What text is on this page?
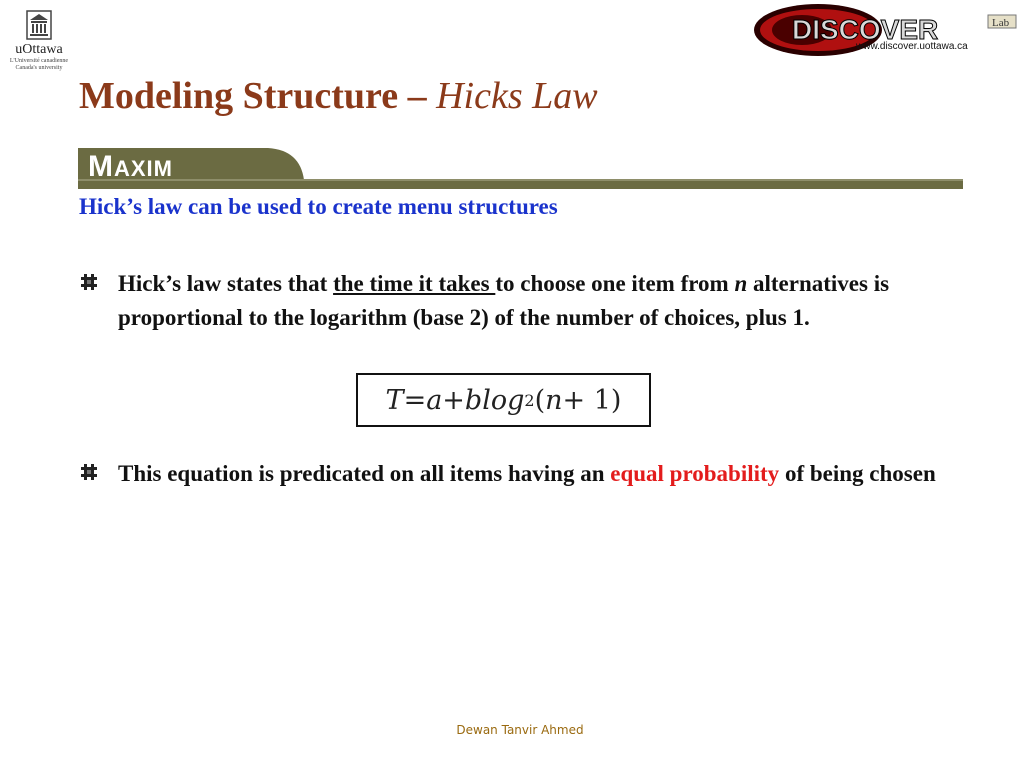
uOttawa
L'Université canadienne
Canada's university
DISCOVER	Lab
www.discover.uottawa.ca
Modeling Structure – Hicks Law
MAXIM
Hick’s law can be used to create menu structures
Hick’s law states that the time it takes to choose one item from n alternatives is proportional to the logarithm (base 2) of the number of choices, plus 1.
T = a + blog 2 ( n + 1)
This equation is predicated on all items having an equal probability of being chosen
Dewan Tanvir Ahmed
